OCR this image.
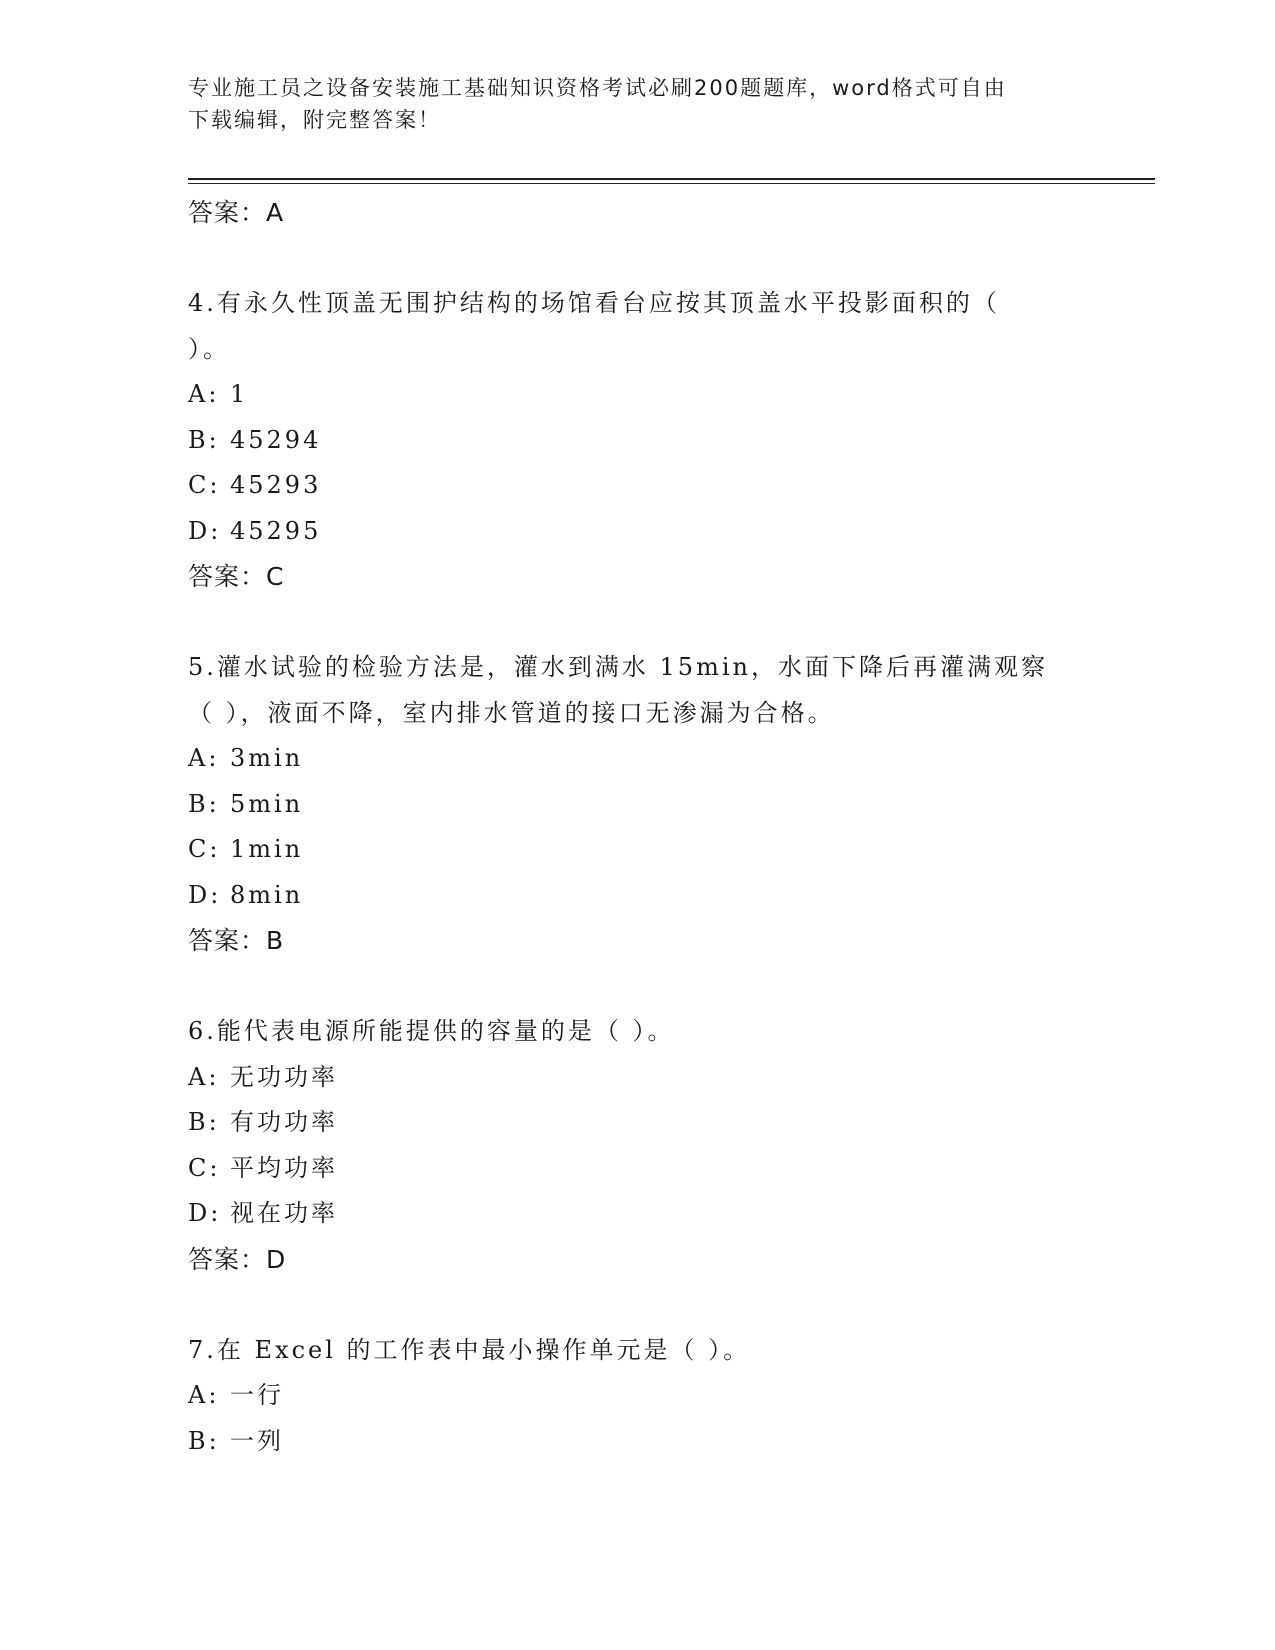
专业施工员之设备安装施工基础知识资格考试必刷200题题库，word格式可自由
下载编辑，附完整答案！
答案：A
4.有永久性顶盖无围护结构的场馆看台应按其顶盖水平投影面积的（
）。
A: 1
B: 45294
C: 45293
D: 45295
答案：C
5.灌水试验的检验方法是，灌水到满水 15min，水面下降后再灌满观察
（ ），液面不降，室内排水管道的接口无渗漏为合格。
A: 3min
B: 5min
C: 1min
D: 8min
答案：B
6.能代表电源所能提供的容量的是（ ）。
A: 无功功率
B: 有功功率
C: 平均功率
D: 视在功率
答案：D
7.在 Excel 的工作表中最小操作单元是（ ）。
A: 一行
B: 一列
